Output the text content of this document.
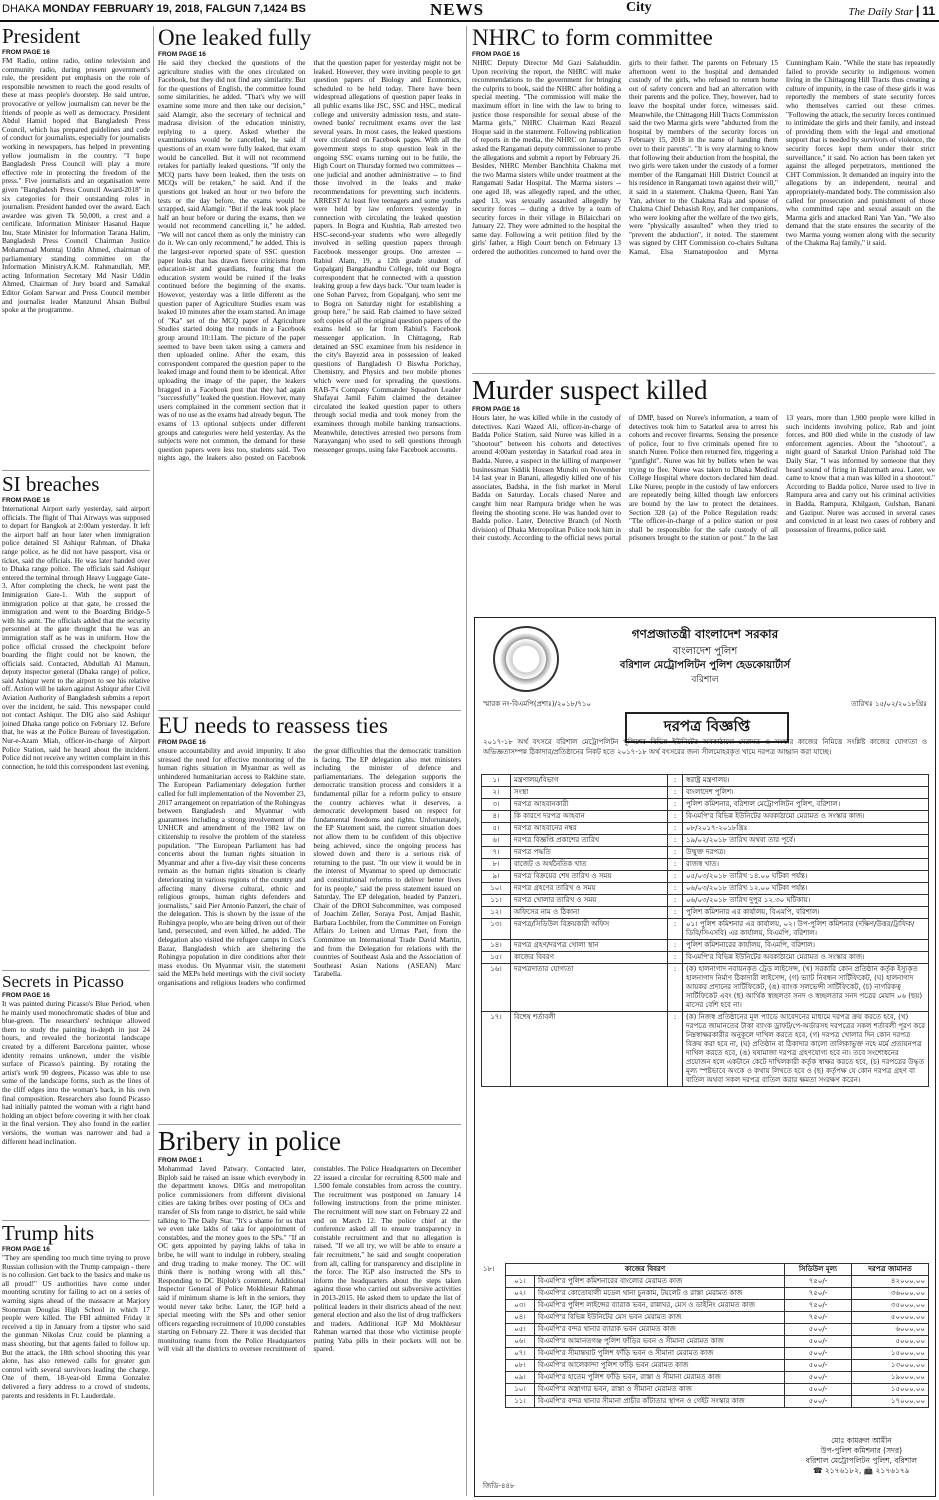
DHAKA MONDAY FEBRUARY 19, 2018, FALGUN 7,1424 BS	NEWS	City	The Daily Star | 11
President
FROM PAGE 16
FM Radio, online radio, online television and community radio, during present government's rule, the president put emphasis on the role of responsible newsmen to reach the good results of these at mass people's doorstep. He said untrue, provocative or yellow journalism can never be the friends of people as well as democracy. President Abdul Hamid hoped that Bangladesh Press Council, which has prepared guidelines and code of conduct for journalists, especially for journalists working in newspapers, has helped in preventing yellow journalism in the country. "I hope Bangladesh Press Council will play a more effective role in protecting the freedom of the press." Five journalists and an organisation were given "Bangladesh Press Council Award-2018" in six categories for their outstanding roles in journalism. President handed over the award. Each awardee was given Tk 50,000, a crest and a certificate. Information Minister Hasanul Haque Inu, State Minister for Information Tarana Halim, Bangladesh Press Council Chairman Justice Mohammad Momtaj Uddin Ahmed, chairman of parliamentary standing committee on the Information MinistryA.K.M. Rahmatullah, MP, acting Information Secretary Md Nasir Uddin Ahmed, Chairman of Jury board and Samakal Editor Golam Sarwar and Press Council member and journalist leader Manzurul Ahsan Bulbul spoke at the programme.
SI breaches
FROM PAGE 16
International Airport early yesterday, said airport officials. The flight of Thai Airways was supposed to depart for Bangkok at 2:00am yesterday. It left the airport half an hour later when immigration police detained SI Ashiqur Rahman, of Dhaka range police, as he did not have passport, visa or ticket, said the officials. He was later handed over to Dhaka range police. The officials said Ashiqur entered the terminal through Heavy Luggage Gate-3. After completing the check, he went past the Immigration Gate-1. With the support of immigration police at that gate, he crossed the immigration and went to the Boarding Bridge-5 with his aunt. The officials added that the security personnel at the gate thought that he was an immigration staff as he was in uniform. How the police official crossed the checkpoint before boarding the flight could not be known, the officials said. Contacted, Abdullah Al Mamun, deputy inspector general (Dhaka range) of police, said Ashiqur went to the airport to see his relative off. Action will be taken against Ashiqur after Civil Aviation Authority of Bangladesh submits a report over the incident, he said. This newspaper could not contact Ashiqur. The DIG also said Ashiqur joined Dhaka range police on February 12. Before that, he was at the Police Bureau of Investigation. Nur-e-Azam Miah, officer-in-charge of Airport Police Station, said he heard about the incident. Police did not receive any written complaint in this connection, he told this correspondent last evening.
Secrets in Picasso
FROM PAGE 16
It was painted during Picasso's Blue Period, when he mainly used monochromatic shades of blue and blue-green. The researchers' technique allowed them to study the painting in-depth in just 24 hours, and revealed the horizontal landscape created by a different Barcelona painter, whose identity remains unknown, under the visible surface of Picasso's painting. By rotating the artist's work 90 degrees, Picasso was able to use some of the landscape forms, such as the lines of the cliff edges into the woman's back, in his own final composition. Researchers also found Picasso had initially painted the woman with a right hand holding an object before covering it with her cloak in the final version. They also found in the earlier versions, the woman was narrower and had a different head inclination.
Trump hits
FROM PAGE 16
"They are spending too much time trying to prove Russian collusion with the Trump campaign - there is no collusion. Get back to the basics and make us all proud!" US authorities have come under mounting scrutiny for failing to act on a series of warning signs ahead of the massacre at Marjory Stoneman Douglas High School in which 17 people were killed. The FBI admitted Friday it received a tip in January from a tipster who said the gunman Nikolas Cruz could be planning a mass shooting, but that agents failed to follow up. But the attack, the 18th school shooting this year alone, has also renewed calls for greater gun control with several survivors leading the charge. One of them, 18-year-old Emma Gonzalez delivered a fiery address to a crowd of students, parents and residents in Ft. Lauderdale.
One leaked fully
FROM PAGE 16
He said they checked the questions of the agriculture studies with the ones circulated on Facebook, but they did not find any similarity. But for the questions of English, the committee found some similarities, he added. "That's why we will examine some more and then take our decision," said Alamgir, also the secretary of technical and madrasa division of the education ministry, replying to a query. Asked whether the examinations would be cancelled, he said if questions of an exam were fully leaked, that exam would be cancelled. But it will not recommend retakes for partially leaked questions. "If only the MCQ parts have been leaked, then the tests on MCQs will be retaken," he said. And if the questions got leaked an hour or two before the tests or the day before, the exams would be scrapped, said Alamgir. "But if the leak took place half an hour before or during the exams, then we would not recommend cancelling it," he added. "We will not cancel them as only the ministry can do it. We can only recommend," he added. This is the largest-ever reported spate of SSC question paper leaks that has drawn fierce criticisms from education-ist and guardians, fearing that the education system would be ruined if the leaks continued before the beginning of the exams. However, yesterday was a little different as the question paper of Agriculture Studies exam was leaked 10 minutes after the exam started. An image of "Ka" set of the MCQ paper of Agriculture Studies started doing the rounds in a Facebook group around 10:11am. The picture of the paper seemed to have been taken using a camera and then uploaded online. After the exam, this correspondent compared the question paper to the leaked image and found them to be identical. After uploading the image of the paper, the leakers bragged in a Facebook post that they had again "successfully" leaked the question. However, many users complained in the comment section that it was of no use as the exams had already begun. The exams of 13 optional subjects under different groups and categories were held yesterday. As the subjects were not common, the demand for these question papers were less too, students said. Two nights ago, the leakers also posted on Facebook that the question paper for yesterday might not be leaked. However, they were inviting people to get question papers of Biology and Economics, scheduled to be held today. There have been widespread allegations of question paper leaks in all public exams like JSC, SSC and HSC, medical college and university admission tests, and state-owned banks' recruitment exams over the last several years. In most cases, the leaked questions were circulated on Facebook pages. With all the government steps to stop question leak in the ongoing SSC exams turning out to be futile, the High Court on Thursday formed two committees -- one judicial and another administrative -- to find those involved in the leaks and make recommendations for preventing such incidents. ARREST At least five teenagers and some youths were held by law enforcers yesterday in connection with circulating the leaked question papers. In Bogra and Kushtia, Rab arrested two HSC-second-year students who were allegedly involved in selling question papers through Facebook messenger groups. One arrestee -- Rabiul Alam, 19, a 12th grade student of Gopalganj Bangabandhu College, told our Bogra correspondent that he connected with a question leaking group a few days back. "Our team leader is one Sohan Parvez, from Gopalganj, who sent me to Bogra on Saturday night for establishing a group here," he said. Rab claimed to have seized soft copies of all the original question papers of the exams held so far from Rabiul's Facebook messenger application. In Chittagong, Rab detained an SSC examinee from his residence in the city's Bayezid area in possession of leaked questions of Bangladesh O Biswha Porichay, Chemistry, and Physics and two mobile phones which were used for spreading the questions. RAB-7's Company Commander Squadron Leader Shafayat Jamil Fahim claimed the detainee circulated the leaked question paper to others through social media and took money from the examinees through mobile banking transactions. Meanwhile, detectives arrested two persons from Narayanganj who used to sell questions through messenger groups, using fake Facebook accounts.
EU needs to reassess ties
FROM PAGE 16
ensure accountability and avoid impunity. It also stressed the need for effective monitoring of the human rights situation in Myanmar as well as unhindered humanitarian access to Rakhine state. The European Parliamentary delegation further called for full implementation of the November 23, 2017 arrangement on repatriation of the Rohingyas between Bangladesh and Myanmar with guarantees including a strong involvement of the UNHCR and amendment of the 1982 law on citizenship to resolve the problem of the stateless population. "The European Parliament has had concerns about the human rights situation in Myanmar and after a five-day visit these concerns remain as the human rights situation is clearly deteriorating in various regions of the country and affecting many diverse cultural, ethnic and religious groups, human rights defenders and journalists," said Pier Antonio Panzeri, the chair of the delegation. This is shown by the issue of the Rohingya people, who are being driven out of their land, persecuted, and even killed, he added. The delegation also visited the refugee camps in Cox's Bazar, Bangladesh which are sheltering the Rohingya population in dire conditions after their mass exodus. On Myanmar visit, the statement said the MEPs held meetings with the civil society organisations and religious leaders who confirmed the great difficulties that the democratic transition is facing. The EP delegation also met ministers including the minister of defence and parliamentarians. The delegation supports the democratic transition process and considers it a fundamental pillar for a reform policy to ensure the country achieves what it deserves, a democratic development based on respect for fundamental freedoms and rights. Unfortunately, the EP Statement said, the current situation does not allow them to be confident of this objective being achieved, since the ongoing process has slowed down and there is a serious risk of returning to the past. "In our view it would be in the interest of Myanmar to speed up democratic and constitutional reforms to deliver better lives for its people," said the press statement issued on Saturday. The EP delegation, headed by Panzeri, Chair of the DROI Subcommittee, was composed of Joachim Zeller, Soraya Post, Amjad Bashir, Barbara Lochbiler, from the Committee on Foreign Affairs Jo Leinen and Urmas Paet, from the Committee on International Trade David Martin, and from the Delegation for relations with the countries of Southeast Asia and the Association of Southeast Asian Nations (ASEAN) Marc Tarabella.
Bribery in police
FROM PAGE 1
Mohammad Javed Patwary. Contacted later, Biplob said he raised an issue which everybody in the department knows. DIGs and metropolitan police commissioners from different divisional cities are taking bribes over posting of OCs and transfer of SIs from range to district, he said while talking to The Daily Star. "It's a shame for us that we even take lakhs of taka for appointment of constables, and the money goes to the SPs." "If an OC gets appointed by paying lakhs of taka in bribe, he will want to indulge in robbery, stealing and drug trading to make money. The OC will think there is nothing wrong with all this." Responding to DC Biplob's comment, Additional Inspector General of Police Mokhlesur Rahman said if minimum shame is left in the seniors, they would never take bribe. Later, the IGP held a special meeting with the SPs and other senior officers regarding recruitment of 10,000 constables starting on February 22. There it was decided that monitoring teams from the Police Headquarters will visit all the districts to oversee recruitment of constables. The Police Headquarters on December 22 issued a circular for recruiting 8,500 male and 1,500 female constables from across the country. The recruitment was postponed on January 14 following instructions from the prime minister. The recruitment will now start on February 22 and end on March 12. The police chief at the conference asked all to ensure transparency in constable recruitment and that no allegation is raised. "If we all try, we will be able to ensure a fair recruitment," he said and sought cooperation from all, calling for transparency and discipline in the force. The IGP also instructed the SPs to inform the headquarters about the steps taken against those who carried out subversive activities in 2013-2015. He asked them to update the list of political leaders in their districts ahead of the next general election and also the list of drug traffickers and traders. Additional IGP Md Mokhlesur Rahman warned that those who victimise people putting Yaba pills in their pockets will not be spared.
NHRC to form committee
FROM PAGE 16
NHRC Deputy Director Md Gazi Salahuddin. Upon receiving the report, the NHRC will make recommendations to the government for bringing the culprits to book, said the NHRC after holding a special meeting. "The commission will make the maximum effort in line with the law to bring to justice those responsible for sexual abuse of the Marma girls," NHRC Chairman Kazi Reazul Hoque said in the statement. Following publication of reports in the media, the NHRC on January 25 asked the Rangamati deputy commissioner to probe the allegations and submit a report by February 26. Besides, NHRC Member Banchhita Chakma met the two Marma sisters while under treatment at the Rangamati Sadar Hospital. The Marma sisters -- one aged 18, was allegedly raped, and the other, aged 13, was sexually assaulted allegedly by security forces -- during a drive by a team of security forces in their village in Bilaicchari on January 22. They were admitted to the hospital the same day. Following a writ petition filed by the girls' father, a High Court bench on February 13 ordered the authorities concerned to hand over the girls to their father. The parents on February 15 afternoon went to the hospital and demanded custody of the girls, who refused to return home out of safety concern and had an altercation with their parents and the police. They, however, had to leave the hospital under force, witnesses said. Meanwhile, the Chittagong Hill Tracts Commission said the two Marma girls were "abducted from the hospital by members of the security forces on February 15, 2018 in the name of handing them over to their parents". "It is very alarming to know that following their abduction from the hospital, the two girls were taken under the custody of a former member of the Rangamati Hill District Council at his residence in Rangamati town against their will," it said in a statement. Chakma Queen, Rani Yan Yan, adviser to the Chakma Raja and spouse of Chakma Chief Debasish Roy, and her companions, who were looking after the welfare of the two girls, were "physically assaulted" when they tried to "prevent the abduction", it noted. The statement was signed by CHT Commission co-chairs Sultana Kamal, Elsa Stamatopoulou and Myrna Cunningham Kain. "While the state has repeatedly failed to provide security to indigenous women living in the Chittagong Hill Tracts thus creating a culture of impunity, in the case of these girls it was reportedly the members of state security forces who themselves carried out these crimes. "Following the attack, the security forces continued to intimidate the girls and their family, and instead of providing them with the legal and emotional support that is needed by survivors of violence, the security forces kept them under their strict surveillance," it said. No action has been taken yet against the alleged perpetrators, mentioned the CHT Commission. It demanded an inquiry into the allegations by an independent, neutral and appropriately-mandated body. The commission also called for prosecution and punishment of those who committed rape and sexual assault on the Marma girls and attacked Rani Yan Yan. "We also demand that the state ensures the security of the two Marma young women along with the security of the Chakma Raj family," it said.
Murder suspect killed
FROM PAGE 16
Hours later, he was killed while in the custody of detectives. Kazi Wazed Ali, officer-in-charge of Badda Police Station, said Nuree was killed in a "shootout" between his cohorts and detectives around 4:00am yesterday in Satarkul road area in Badda. Nuree, a suspect in the killing of manpower businessman Siddik Hossen Munshi on November 14 last year in Banani, allegedly killed one of his associates, Badsha, in the fish market in Merul Badda on Saturday. Locals chased Nuree and caught him near Rampura bridge when he was fleeing the shooting scene. He was handed over to Badda police. Later, Detective Branch (of North division) of Dhaka Metropolitan Police took him in their custody. According to the official news portal of DMP, based on Nuree's information, a team of detectives took him to Satarkul area to arrest his cohorts and recover firearms. Sensing the presence of police, four to five criminals opened fire to snatch Nuree. Police then returned fire, triggering a "gunfight". Nuree was hit by bullets when he was trying to flee. Nuree was taken to Dhaka Medical College Hospital where doctors declared him dead. Like Nuree, people in the custody of law enforcers are repeatedly being killed though law enforcers are bound by the law to protect the detainees. Section 328 (a) of the Police Regulation reads: "The officer-in-charge of a police station or post shall be responsible for the safe custody of all prisoners brought to the station or post." In the last 13 years, more than 1,900 people were killed in such incidents involving police, Rab and joint forces, and 800 died while in the custody of law enforcement agencies. About the "shootout", a night guard of Satarkul Union Parishad told The Daily Star, "I was informed by someone that they heard sound of firing in Balurmath area. Later, we came to know that a man was killed in a shootout." According to Badda police, Nuree used to live in Rampura area and carry out his criminal activities in Badda, Rampura, Khilgaon, Gulshan, Banani and Gazipur. Nuree was accused in several cases and convicted in at least two cases of robbery and possession of firearms, police said.
গণপ্রজাতন্ত্রী বাংলাদেশ সরকার
বাংলাদেশ পুলিশ
বরিশাল মেট্রোপলিটন পুলিশ হেডকোয়ার্টার্স
বরিশাল
স্মারক নং-বিএমপি(প্রশাঃ)/২০১৮/৭১০	তারিখঃ ১৫/০২/২০১৮খ্রিঃ
দরপত্র বিজ্ঞপ্তি
২০১৭-১৮ অর্থ বৎসরে বরিশাল মেট্রোপলিটন পুলিশের বিভিন্ন ইউনিটের অবকাঠামো মেরামত ও সংস্কার কাজের নিমিত্তে সংশ্লিষ্ট কাজের যোগ্যতা ও অভিজ্ঞতাসম্পন্ন ঠিকাদার/প্রতিষ্ঠানের নিকট হতে ২০১৭-১৮ অর্থ বৎসরের জন্য সীলমোহরকৃত খামে দরপত্র আহ্বান করা যাচ্ছে।
১।	মন্ত্রণালয়/বিভাগ	:	স্বরাষ্ট্র মন্ত্রণালয়।
২।	সংস্থা	:	বাংলাদেশ পুলিশ।
৩।	দরপত্র আহবানকারী	:	পুলিশ কমিশনার, বরিশাল মেট্রোপলিটন পুলিশ, বরিশাল।
৪।	কি কারণে দরপত্র আহবান	:	বিএমপি'র বিভিন্ন ইউনিটের অবকাঠামো মেরামত ও সংস্কার কাজ।
৫।	দরপত্র আহবানের নম্বর	:	০৮/২০১৭-২০১৮খ্রিঃ
৬।	দরপত্র বিজ্ঞপ্তি প্রকাশের তারিখ	:	১৯/০২/২০১৮ তারিখ অথবা তার পূর্বে।
৭।	দরপত্র পদ্ধতি	:	উন্মুক্ত দরপত্র।
৮।	বাজেট ও অর্থনৈতিক খাত	:	রাজস্ব খাত।
৯।	দরপত্র বিক্রয়ের শেষ তারিখ ও সময়	:	০৫/০৩/২০১৮ তারিখ ১৪.০০ ঘটিকা পর্যন্ত।
১০।	দরপত্র গ্রহণের তারিখ ও সময়	:	০৬/০৩/২০১৮ তারিখ ১২.০০ ঘটিকা পর্যন্ত।
১১।	দরপত্র খোলার তারিখ ও সময়	:	০৬/০৩/২০১৮ তারিখ দুপুর ১২.৩০ ঘটিকায়।
১২।	অফিসের নাম ও ঠিকানা	:	পুলিশ কমিশনার এর কার্যালয়, বিএমপি, বরিশাল।
১৩।	দরপত্র/সিডিউল বিক্রয়কারী অফিস	:	০১। পুলিশ কমিশনার এর কার্যালয়, ০২। উপ-পুলিশ কমিশনার (দক্ষিণ/উত্তর/ট্রাফিক/ডিবি/সিএসবি) এর কার্যালয়, বিএমপি, বরিশাল।
১৪।	দরপত্র গ্রহণ/দরপত্র খোলা স্থান	:	পুলিশ কমিশনারের কার্যালয়, বিএমপি, বরিশাল।
১৫।	কাজের বিবরণ	:	বিএমপি'র বিভিন্ন ইউনিটের অবকাঠামো মেরামত ও সংস্কার কাজ।
১৬।	দরপত্রদাতার যোগ্যতা	:	(ক) হালনাগাদ নবায়নকৃত ট্রেড লাইসেন্স, (খ) সরকারি কোন প্রতিষ্ঠান কর্তৃক ইস্যুকৃত হালনাগাদ নির্মাণ ঠিকাদারী লাইসেন্স, (গ) ভ্যাট নিবন্ধন সার্টিফিকেট, (ঘ) হালনাগাদ আয়কর প্রদানের সার্টিফিকেট, (ঙ) ব্যাংক সলভেন্সী সার্টিফিকেট, (চ) নাগরিকত্ব সার্টিফিকেট এবং (ছ) আর্থিক স্বচ্ছলতা সনদ ও স্বচ্ছলতার সনদ পত্রের মেয়াদ ০৬ (ছয়) মাসের বেশি হবে না।
১৭।	বিশেষ শর্তাবলী	:	(ক) নিজস্ব প্রতিষ্ঠানের মূল প্যাডে আবেদনের মাধ্যমে দরপত্র ক্রয় করতে হবে, (খ) দরপত্রে জামানতের টাকা ব্যাংক ড্রাফট/পে-অর্ডারসহ দরপত্রের সকল শর্তাবলী পূরণ করে নিম্নস্বাক্ষরকারীর অনুকূলে দাখিল করতে হবে, (গ) দরপত্র খোলার দিন কোন দরপত্র বিক্রয় করা হবে না, (ঘ) প্রতিষ্ঠান বা ঠিকাদার কালো তালিকাভুক্ত নহে মর্মে প্রত্যয়নপত্র দাখিল করতে হবে, (ঙ) ঘষামাজা দরপত্র গ্রহণযোগ্য হবে না। তবে সংশোধনের প্রয়োজন হলে একটানে কেটে দাখিলকারী কর্তৃক স্বাক্ষর করতে হবে, (চ) দরপত্রের উদ্ধৃত মূল্য স্পষ্টভাবে অংকে ও কথায় লিখতে হবে ও (ছ) কর্তৃপক্ষ যে কোন দরপত্র গ্রহণ বা বাতিল অথবা সকল দরপত্র বাতিল করার ক্ষমতা সংরক্ষণ করেন।
কাজের বিবরণ		সিডিউল মূল্য	দরপত্র জামানত
০১।	বিএমপি'র পুলিশ কমিশনারের বাংলোর মেরামত কাজ	৭৫০/-	৪২০০০.০০
০২।	বিএমপি'র কোতোয়ালী মডেল থানা চুনকাম, টয়লেট ও রাস্তা মেরামত কাজ	৭৫০/-	৩৬০০০.০০
০৩।	বিএমপি'র পুলিশ লাইন্সের ব্যারাক ভবন, রান্নাঘর, মেস ও ডাইনিং মেরামত কাজ	৭৫০/-	৩৫০০০.০০
০৪।	বিএমপি'র বিভিন্ন ইউনিটের মেস ভবন মেরামত কাজ	৭৫০/-	৫০০০০.০০
০৫।	বিএমপি'র বন্দর থানার ব্যারাক ভবন মেরামত কাজ	৫০০/-	৬০০০.০০
০৬।	বিএমপি'র আমানতগঞ্জ পুলিশ ফাঁড়ির ভবন ও সীমানা মেরামত কাজ	৫০০/-	৫০০০.০০
০৭।	বিএমপি'র সীমান্তঘাট পুলিশ ফাঁড়ি ভবন ও সীমানা মেরামত কাজ	৫০০/-	১৫০০০.০০
০৮।	বিএমপি'র আলেকান্দা পুলিশ ফাঁড়ি ভবন মেরামত কাজ	৫০০/-	১৩০০০.০০
০৯।	বিএমপি'র হাতেম পুলিশ ফাঁড়ি ভবন, রাস্তা ও সীমানা মেরামত কাজ	৫০০/-	১৯০০০.০০
১০।	বিএমপি'র অস্ত্রাগার ভবন, রাস্তা ও সীমানা মেরামত কাজ	৫০০/-	১৫০০০.০০
১১।	বিএমপি'র বন্দর থানার সীমানা প্রাচীর কাঁটাতার স্থাপন ও গেইট সংস্কার কাজ	৫০০/-	১৭০০০.০০
১৮।
মোঃ কামরুল আমীন
উপ-পুলিশ কমিশনার (সদর)
বরিশাল মেট্রোপলিটন পুলিশ, বরিশাল
☎ ২১৭৬১৮২, 📠 ২১৭৬১৭৯
জিডি-৪৪৮
